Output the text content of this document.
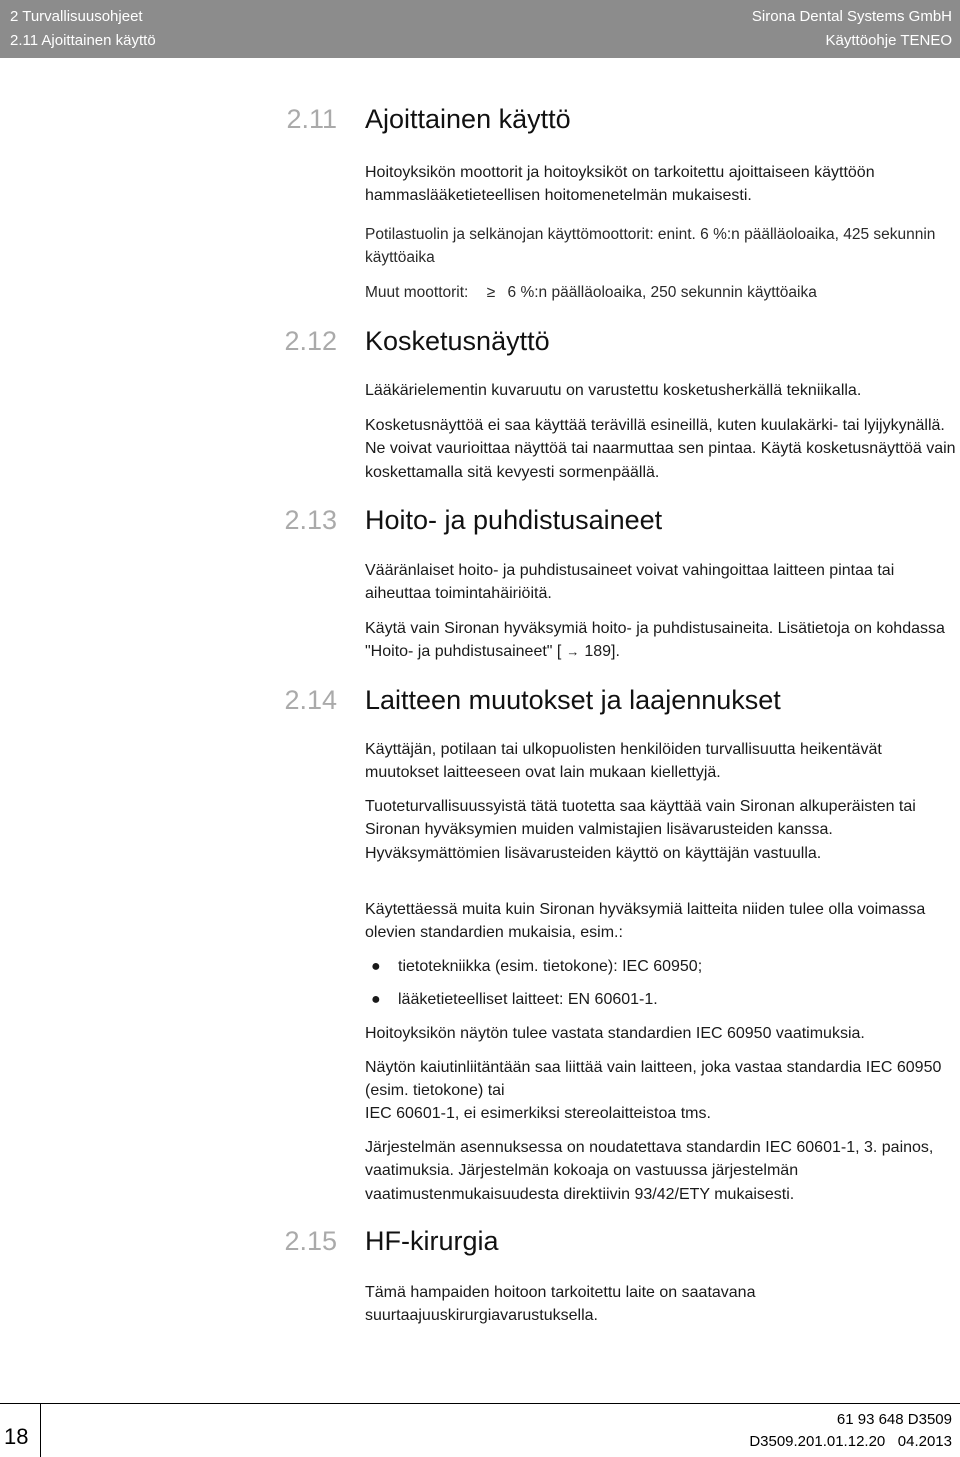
2 Turvallisuusohjeet
2.11 Ajoittainen käyttö
Sirona Dental Systems GmbH
Käyttöohje TENEO
2.11 Ajoittainen käyttö

Hoitoyksikön moottorit ja hoitoyksiköt on tarkoitettu ajoittaiseen käyttöön hammaslääketieteellisen hoitomenetelmän mukaisesti.

Potilastuolin ja selkänojan käyttömoottorit: enint. 6 %:n päälläoloaika, 425 sekunnin käyttöaika

Muut moottorit: ≥ 6 %:n päälläoloaika, 250 sekunnin käyttöaika

2.12 Kosketusnäyttö

Lääkärielementin kuvaruutu on varustettu kosketusherkällä tekniikalla.

Kosketusnäyttöä ei saa käyttää terävillä esineillä, kuten kuulakärki- tai lyijykynällä. Ne voivat vaurioittaa näyttöä tai naarmuttaa sen pintaa. Käytä kosketusnäyttöä vain koskettamalla sitä kevyesti sormenpäällä.

2.13 Hoito- ja puhdistusaineet

Vääränlaiset hoito- ja puhdistusaineet voivat vahingoittaa laitteen pintaa tai aiheuttaa toimintahäiriöitä.

Käytä vain Sironan hyväksymiä hoito- ja puhdistusaineita. Lisätietoja on kohdassa "Hoito- ja puhdistusaineet" [ → 189].

2.14 Laitteen muutokset ja laajennukset

Käyttäjän, potilaan tai ulkopuolisten henkilöiden turvallisuutta heikentävät muutokset laitteeseen ovat lain mukaan kiellettyjä.

Tuoteturvallisuussyistä tätä tuotetta saa käyttää vain Sironan alkuperäisten tai Sironan hyväksymien muiden valmistajien lisävarusteiden kanssa. Hyväksymättömien lisävarusteiden käyttö on käyttäjän vastuulla.

Käytettäessä muita kuin Sironan hyväksymiä laitteita niiden tulee olla voimassa olevien standardien mukaisia, esim.:

● tietotekniikka (esim. tietokone): IEC 60950;
● lääketieteelliset laitteet: EN 60601-1.

Hoitoyksikön näytön tulee vastata standardien IEC 60950 vaatimuksia.

Näytön kaiutinliitäntään saa liittää vain laitteen, joka vastaa standardia IEC 60950 (esim. tietokone) tai

IEC 60601-1, ei esimerkiksi stereolaitteistoa tms.

Järjestelmän asennuksessa on noudatettava standardin IEC 60601-1, 3. painos, vaatimuksia. Järjestelmän kokoaja on vastuussa järjestelmän vaatimustenmukaisuudesta direktiivin 93/42/ETY mukaisesti.

2.15 HF-kirurgia

Tämä hampaiden hoitoon tarkoitettu laite on saatavana suurtaajuuskirurgiavarustuksella.

18
61 93 648 D3509
D3509.201.01.12.20   04.2013
